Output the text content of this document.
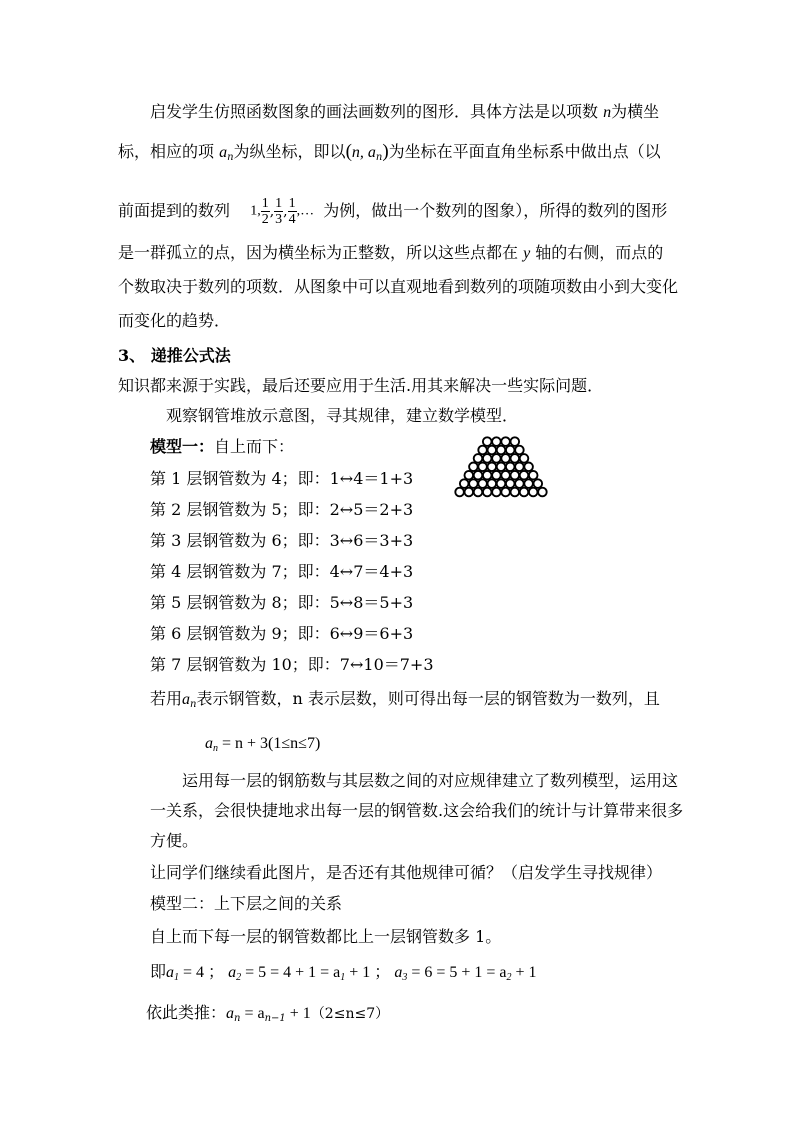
启发学生仿照函数图象的画法画数列的图形．具体方法是以项数 n为横坐
标，相应的项 $a_n$为纵坐标，即以(n, $a_n$)为坐标在平面直角坐标系中做出点（以
前面提到的数列 1, $\frac{1}{2}$ , $\frac{1}{3}$ , $\frac{1}{4}$ ,… 为例，做出一个数列的图象），所得的数列的图形
是一群孤立的点，因为横坐标为正整数，所以这些点都在 y 轴的右侧，而点的
个数取决于数列的项数．从图象中可以直观地看到数列的项随项数由小到大变化
而变化的趋势．
3、 递推公式法
知识都来源于实践，最后还要应用于生活.用其来解决一些实际问题．
观察钢管堆放示意图，寻其规律，建立数学模型．
模型一：自上而下：
第 1 层钢管数为 4；即：1↔4＝1+3
第 2 层钢管数为 5；即：2↔5＝2+3
第 3 层钢管数为 6；即：3↔6＝3+3
第 4 层钢管数为 7；即：4↔7＝4+3
第 5 层钢管数为 8；即：5↔8＝5+3
第 6 层钢管数为 9；即：6↔9＝6+3
第 7 层钢管数为 10；即：7↔10＝7+3
若用$a_n$表示钢管数，n 表示层数，则可得出每一层的钢管数为一数列，且
$a_n = n + 3(1\le n\le 7)$
运用每一层的钢筋数与其层数之间的对应规律建立了数列模型，运用这
一关系，会很快捷地求出每一层的钢管数.这会给我们的统计与计算带来很多
方便。
让同学们继续看此图片，是否还有其他规律可循？（启发学生寻找规律）
模型二：上下层之间的关系
自上而下每一层的钢管数都比上一层钢管数多 1。
即$a_1 = 4$ ； $a_2 = 5 = 4 + 1 = a_1 + 1$ ； $a_3 = 6 = 5 + 1 = a_2 + 1$
依此类推：$a_n = a_{n-1} + 1(2\le n\le 7)$
